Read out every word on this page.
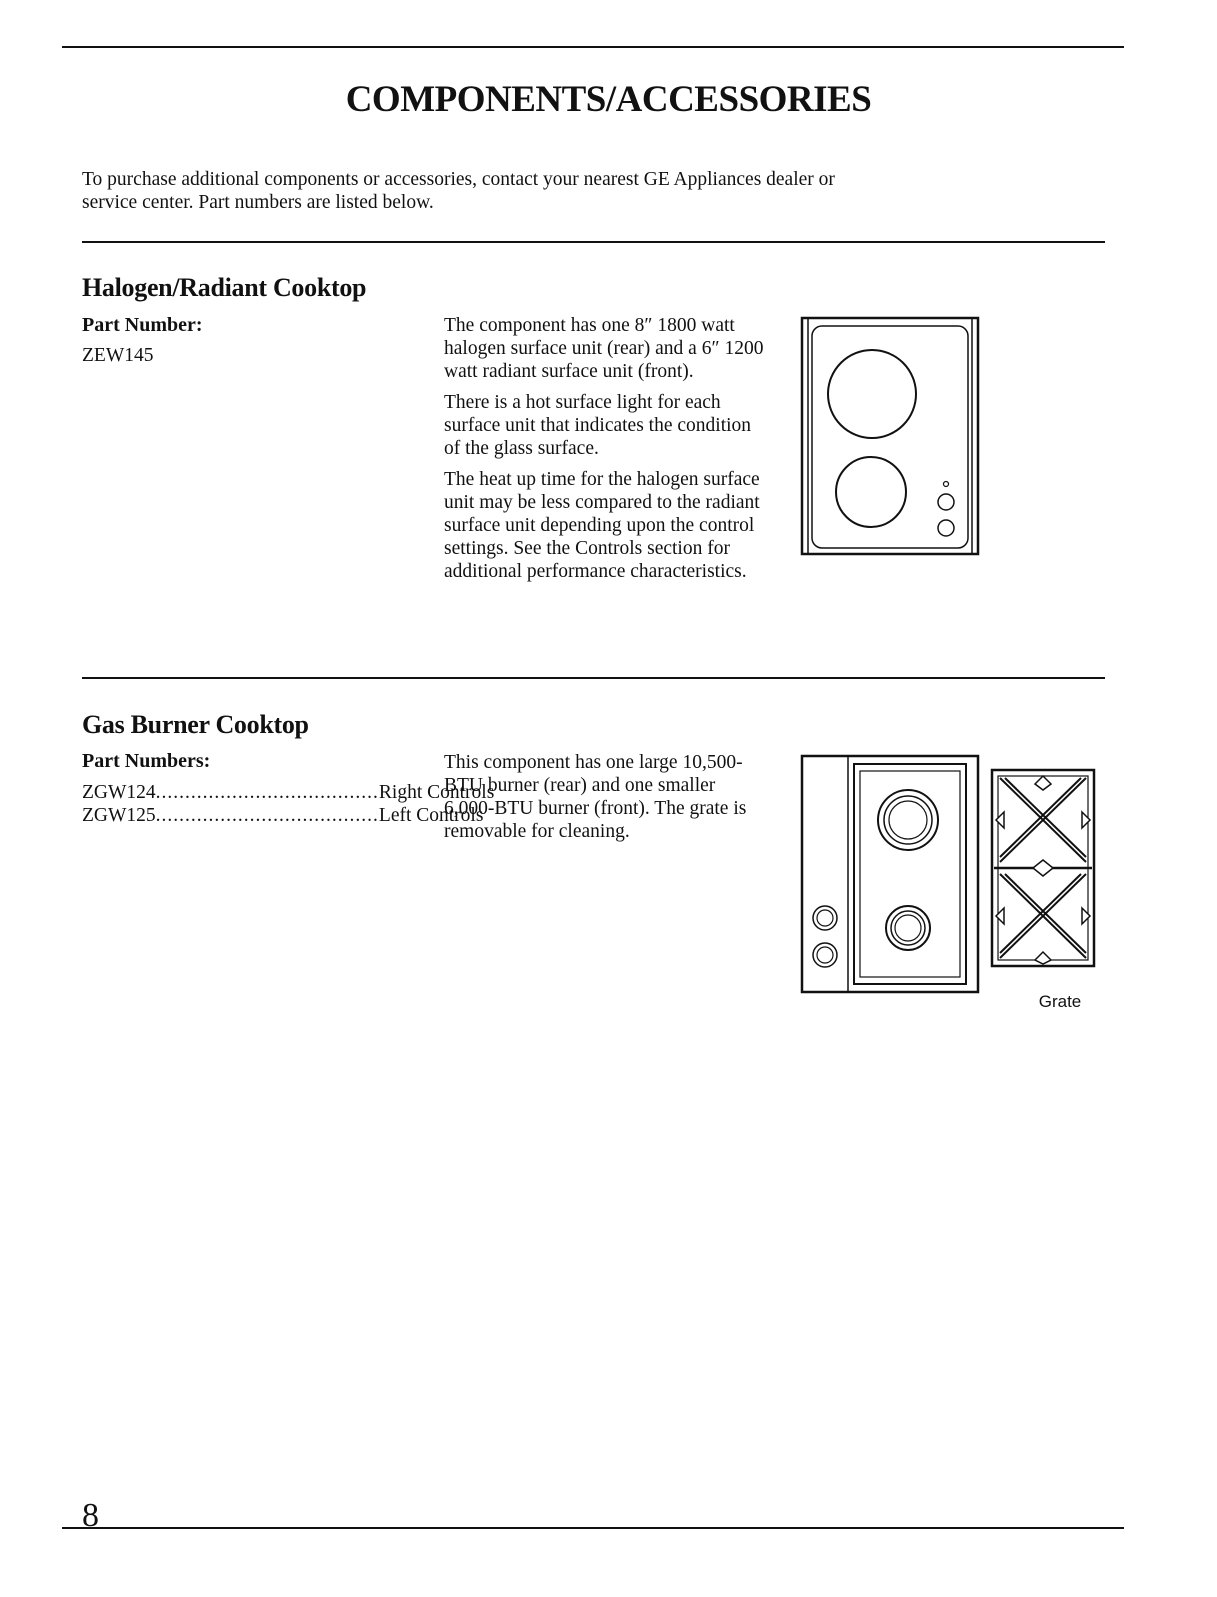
COMPONENTS/ACCESSORIES

To purchase additional components or accessories, contact your nearest GE Appliances dealer or service center. Part numbers are listed below.

Halogen/Radiant Cooktop
Part Number:
ZEW145

The component has one 8″ 1800 watt halogen surface unit (rear) and a 6″ 1200 watt radiant surface unit (front).

There is a hot surface light for each surface unit that indicates the condition of the glass surface.

The heat up time for the halogen surface unit may be less compared to the radiant surface unit depending upon the control settings. See the Controls section for additional performance characteristics.

Gas Burner Cooktop
Part Numbers:
ZGW124 ...................................... Right Controls
ZGW125 ...................................... Left Controls

This component has one large 10,500-BTU burner (rear) and one smaller 6,000-BTU burner (front). The grate is removable for cleaning.

Grate
8
